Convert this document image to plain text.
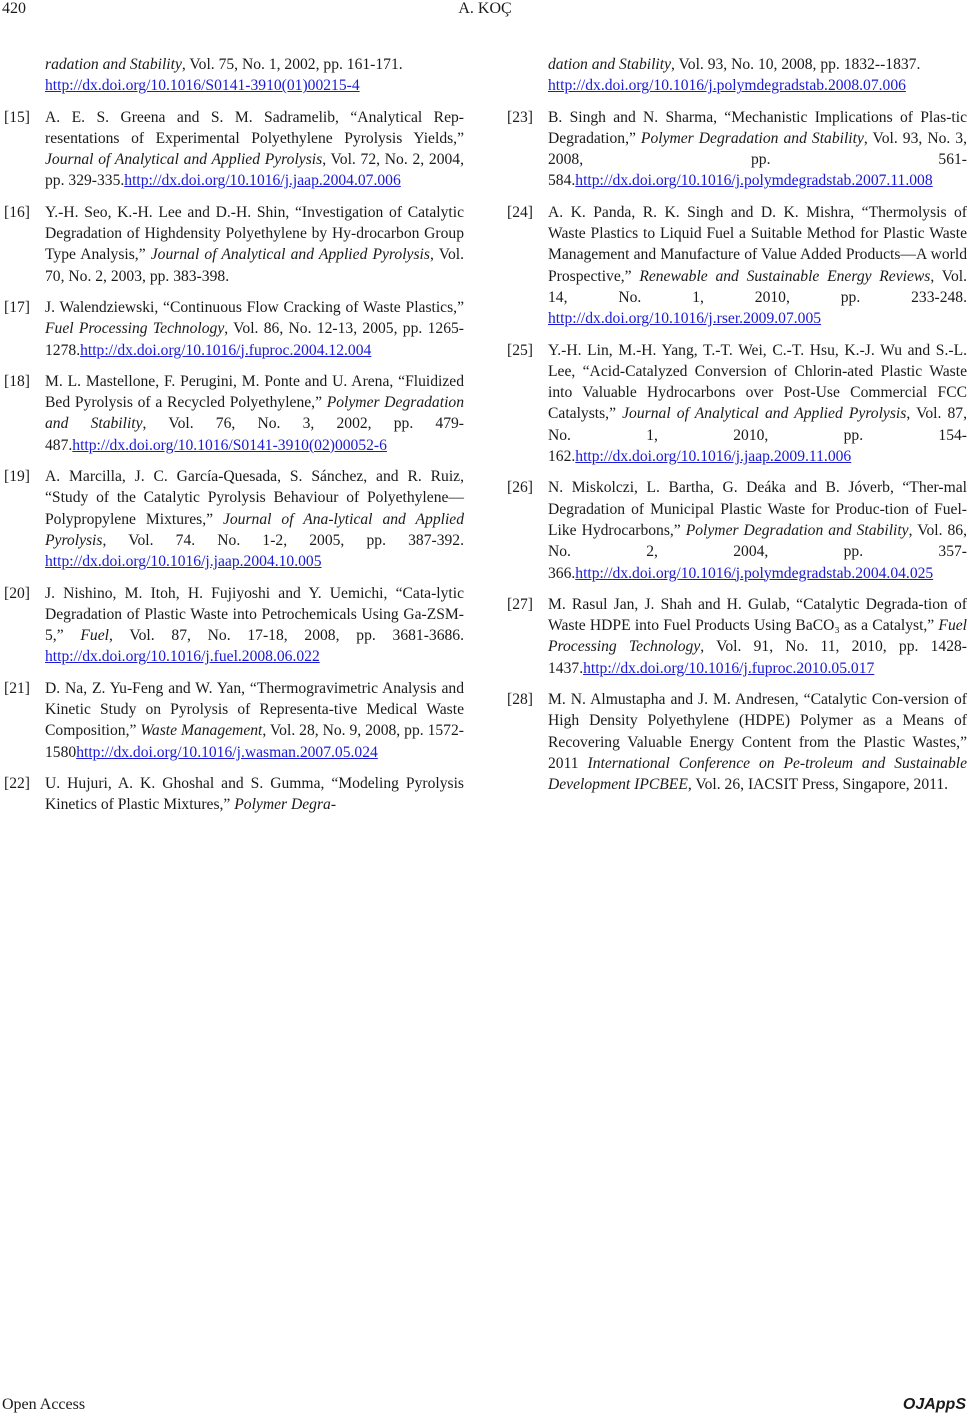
420	A. KOÇ
radation and Stability, Vol. 75, No. 1, 2002, pp. 161-171.
http://dx.doi.org/10.1016/S0141-3910(01)00215-4
[15] A. E. S. Greena and S. M. Sadramelib, “Analytical Rep-resentations of Experimental Polyethylene Pyrolysis Yields,” Journal of Analytical and Applied Pyrolysis, Vol. 72, No. 2, 2004, pp. 329-335.http://dx.doi.org/10.1016/j.jaap.2004.07.006
[16] Y.-H. Seo, K.-H. Lee and D.-H. Shin, “Investigation of Catalytic Degradation of Highdensity Polyethylene by Hy-drocarbon Group Type Analysis,” Journal of Analytical and Applied Pyrolysis, Vol. 70, No. 2, 2003, pp. 383-398.
[17] J. Walendziewski, “Continuous Flow Cracking of Waste Plastics,” Fuel Processing Technology, Vol. 86, No. 12-13, 2005, pp. 1265-1278.http://dx.doi.org/10.1016/j.fuproc.2004.12.004
[18] M. L. Mastellone, F. Perugini, M. Ponte and U. Arena, “Fluidized Bed Pyrolysis of a Recycled Polyethylene,” Polymer Degradation and Stability, Vol. 76, No. 3, 2002, pp. 479-487.http://dx.doi.org/10.1016/S0141-3910(02)00052-6
[19] A. Marcilla, J. C. García-Quesada, S. Sánchez, and R. Ruiz, “Study of the Catalytic Pyrolysis Behaviour of Polyethylene—Polypropylene Mixtures,” Journal of Ana-lytical and Applied Pyrolysis, Vol. 74. No. 1-2, 2005, pp. 387-392. http://dx.doi.org/10.1016/j.jaap.2004.10.005
[20] J. Nishino, M. Itoh, H. Fujiyoshi and Y. Uemichi, “Cata-lytic Degradation of Plastic Waste into Petrochemicals Using Ga-ZSM-5,” Fuel, Vol. 87, No. 17-18, 2008, pp. 3681-3686. http://dx.doi.org/10.1016/j.fuel.2008.06.022
[21] D. Na, Z. Yu-Feng and W. Yan, “Thermogravimetric Analysis and Kinetic Study on Pyrolysis of Representa-tive Medical Waste Composition,” Waste Management, Vol. 28, No. 9, 2008, pp. 1572-1580http://dx.doi.org/10.1016/j.wasman.2007.05.024
[22] U. Hujuri, A. K. Ghoshal and S. Gumma, “Modeling Pyrolysis Kinetics of Plastic Mixtures,” Polymer Degra-
dation and Stability, Vol. 93, No. 10, 2008, pp. 1832--1837.
http://dx.doi.org/10.1016/j.polymdegradstab.2008.07.006
[23] B. Singh and N. Sharma, “Mechanistic Implications of Plas-tic Degradation,” Polymer Degradation and Stability, Vol. 93, No. 3, 2008, pp. 561-584.http://dx.doi.org/10.1016/j.polymdegradstab.2007.11.008
[24] A. K. Panda, R. K. Singh and D. K. Mishra, “Thermolysis of Waste Plastics to Liquid Fuel a Suitable Method for Plastic Waste Management and Manufacture of Value Added Products—A world Prospective,” Renewable and Sustainable Energy Reviews, Vol. 14, No. 1, 2010, pp. 233-248. http://dx.doi.org/10.1016/j.rser.2009.07.005
[25] Y.-H. Lin, M.-H. Yang, T.-T. Wei, C.-T. Hsu, K.-J. Wu and S.-L. Lee, “Acid-Catalyzed Conversion of Chlorin-ated Plastic Waste into Valuable Hydrocarbons over Post-Use Commercial FCC Catalysts,” Journal of Analytical and Applied Pyrolysis, Vol. 87, No. 1, 2010, pp. 154-162.http://dx.doi.org/10.1016/j.jaap.2009.11.006
[26] N. Miskolczi, L. Bartha, G. Deáka and B. Jóverb, “Ther-mal Degradation of Municipal Plastic Waste for Produc-tion of Fuel-Like Hydrocarbons,” Polymer Degradation and Stability, Vol. 86, No. 2, 2004, pp. 357-366.http://dx.doi.org/10.1016/j.polymdegradstab.2004.04.025
[27] M. Rasul Jan, J. Shah and H. Gulab, “Catalytic Degrada-tion of Waste HDPE into Fuel Products Using BaCO₃ as a Catalyst,” Fuel Processing Technology, Vol. 91, No. 11, 2010, pp. 1428-1437.http://dx.doi.org/10.1016/j.fuproc.2010.05.017
[28] M. N. Almustapha and J. M. Andresen, “Catalytic Con-version of High Density Polyethylene (HDPE) Polymer as a Means of Recovering Valuable Energy Content from the Plastic Wastes,” 2011 International Conference on Pe-troleum and Sustainable Development IPCBEE, Vol. 26, IACSIT Press, Singapore, 2011.
Open Access	OJAppS
